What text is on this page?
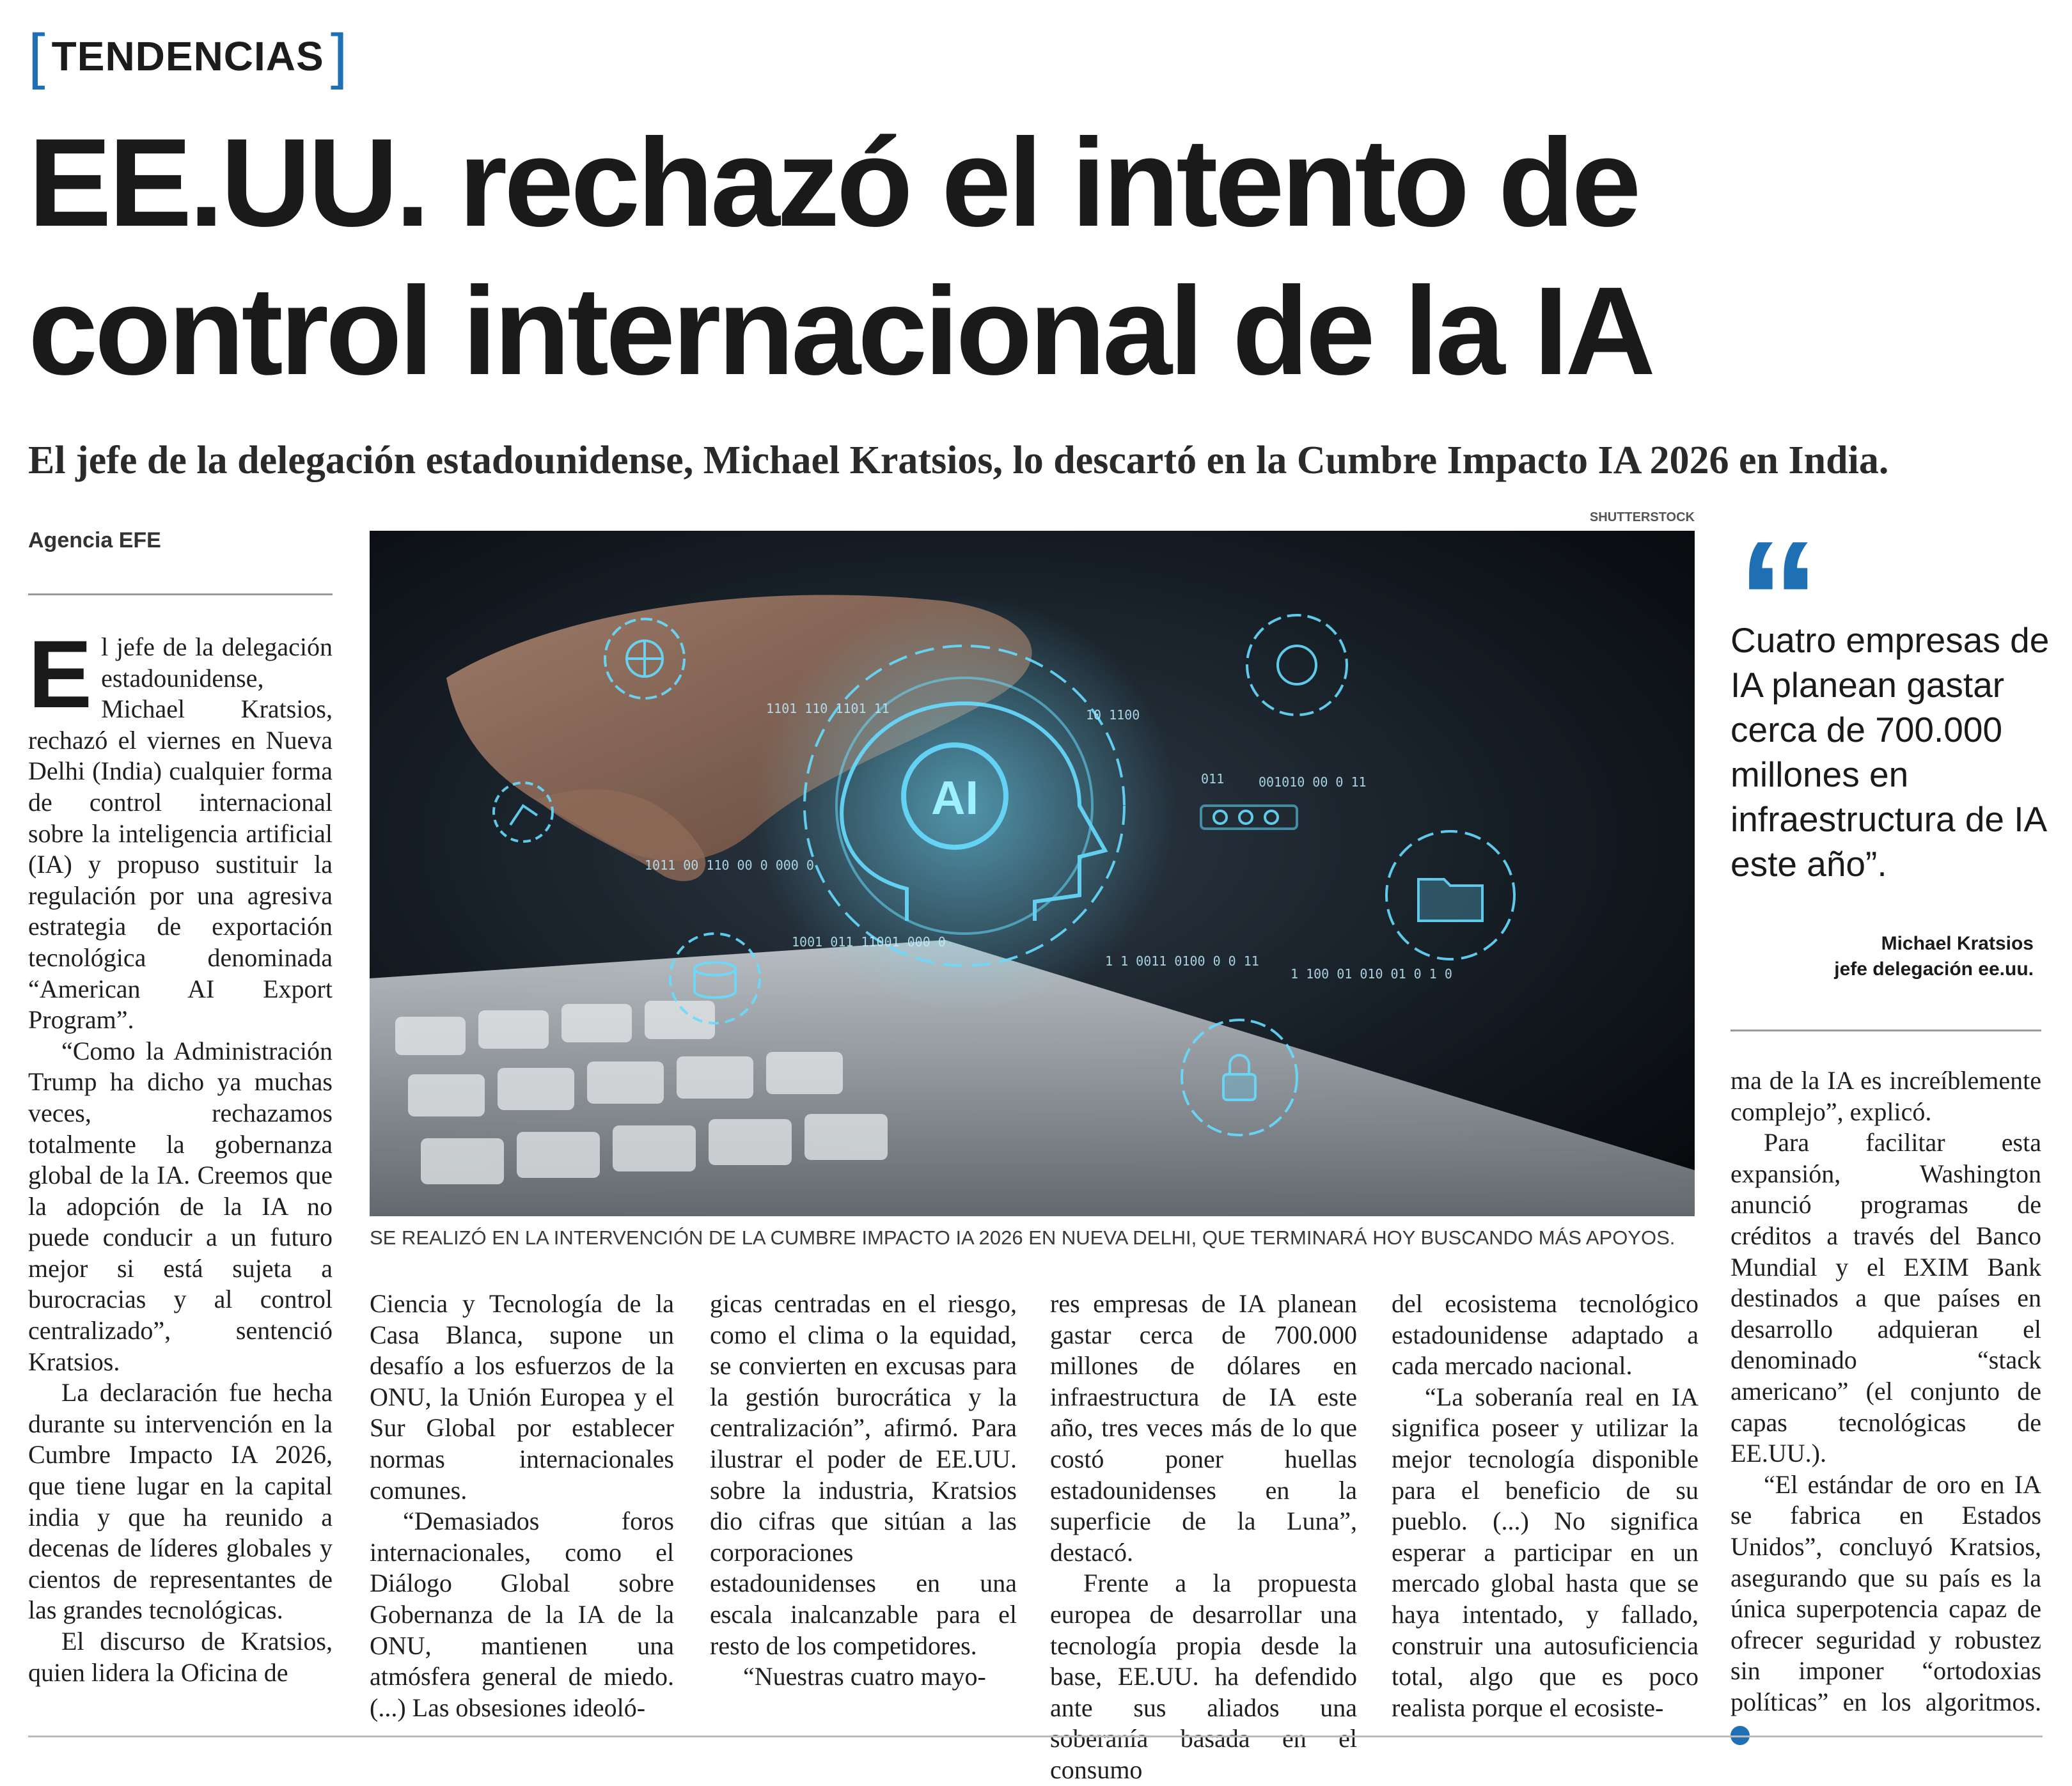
[ TENDENCIAS ]
EE.UU. rechazó el intento de control internacional de la IA
El jefe de la delegación estadounidense, Michael Kratsios, lo descartó en la Cumbre Impacto IA 2026 en India.
Agencia EFE
SHUTTERSTOCK
AI
1101 110 1101 11	10 1100
011	001010 00 0 11
1011 00 110 00 0 000 0
1001 011 11001 000 0
1 1 0011 0100 0 0 11
1 100 01 010 01 0 1 0
SE REALIZÓ EN LA INTERVENCIÓN DE LA CUMBRE IMPACTO IA 2026 EN NUEVA DELHI, QUE TERMINARÁ HOY BUSCANDO MÁS APOYOS.

El jefe de la delegación estadounidense, Michael Kratsios, rechazó el viernes en Nueva Delhi (India) cualquier forma de control internacional sobre la inteligencia artificial (IA) y propuso sustituir la regulación por una agresiva estrategia de exportación tecnológica denominada “American AI Export Program”.

“Como la Administración Trump ha dicho ya muchas veces, rechazamos totalmente la gobernanza global de la IA. Creemos que la adopción de la IA no puede conducir a un futuro mejor si está sujeta a burocracias y al control centralizado”, sentenció Kratsios.

La declaración fue hecha durante su intervención en la Cumbre Impacto IA 2026, que tiene lugar en la capital india y que ha reunido a decenas de líderes globales y cientos de representantes de las grandes tecnológicas.

El discurso de Kratsios, quien lidera la Oficina de

Ciencia y Tecnología de la Casa Blanca, supone un desafío a los esfuerzos de la ONU, la Unión Europea y el Sur Global por establecer normas internacionales comunes.

“Demasiados foros internacionales, como el Diálogo Global sobre Gobernanza de la IA de la ONU, mantienen una atmósfera general de miedo. (...) Las obsesiones ideoló-

gicas centradas en el riesgo, como el clima o la equidad, se convierten en excusas para la gestión burocrática y la centralización”, afirmó. Para ilustrar el poder de EE.UU. sobre la industria, Kratsios dio cifras que sitúan a las corporaciones estadounidenses en una escala inalcanzable para el resto de los competidores.

“Nuestras cuatro mayo-

res empresas de IA planean gastar cerca de 700.000 millones de dólares en infraestructura de IA este año, tres veces más de lo que costó poner huellas estadounidenses en la superficie de la Luna”, destacó.

Frente a la propuesta europea de desarrollar una tecnología propia desde la base, EE.UU. ha defendido ante sus aliados una soberanía basada en el consumo

del ecosistema tecnológico estadounidense adaptado a cada mercado nacional.

“La soberanía real en IA significa poseer y utilizar la mejor tecnología disponible para el beneficio de su pueblo. (...) No significa esperar a participar en un mercado global hasta que se haya intentado, y fallado, construir una autosuficiencia total, algo que es poco realista porque el ecosiste-

“
Cuatro empresas de IA planean gastar cerca de 700.000 millones en infraestructura de IA este año”.
Michael Kratsios
jefe delegación ee.uu.

ma de la IA es increíblemente complejo”, explicó.

Para facilitar esta expansión, Washington anunció programas de créditos a través del Banco Mundial y el EXIM Bank destinados a que países en desarrollo adquieran el denominado “stack americano” (el conjunto de capas tecnológicas de EE.UU.).

“El estándar de oro en IA se fabrica en Estados Unidos”, concluyó Kratsios, asegurando que su país es la única superpotencia capaz de ofrecer seguridad y robustez sin imponer “ortodoxias políticas” en los algoritmos. ✪
